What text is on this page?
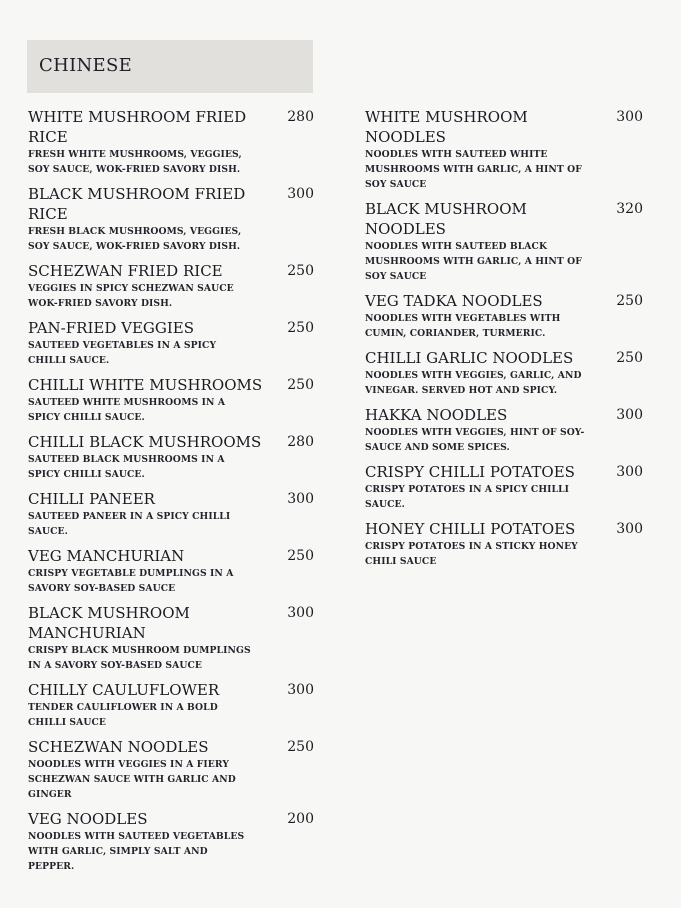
CHINESE
WHITE MUSHROOM FRIED RICE
280
FRESH WHITE MUSHROOMS, VEGGIES, SOY SAUCE, WOK-FRIED SAVORY DISH.
BLACK MUSHROOM FRIED RICE
300
FRESH BLACK MUSHROOMS, VEGGIES, SOY SAUCE, WOK-FRIED SAVORY DISH.
SCHEZWAN FRIED RICE	250
VEGGIES IN SPICY SCHEZWAN SAUCE WOK-FRIED SAVORY DISH.
PAN-FRIED VEGGIES	250
SAUTEED VEGETABLES IN A SPICY CHILLI SAUCE.
CHILLI WHITE MUSHROOMS	250
SAUTEED WHITE MUSHROOMS IN A SPICY CHILLI SAUCE.
CHILLI BLACK MUSHROOMS	280
SAUTEED BLACK MUSHROOMS IN A SPICY CHILLI SAUCE.
CHILLI PANEER	300
SAUTEED PANEER IN A SPICY CHILLI SAUCE.
VEG MANCHURIAN	250
CRISPY VEGETABLE DUMPLINGS IN A SAVORY SOY-BASED SAUCE
BLACK MUSHROOM MANCHURIAN
300
CRISPY BLACK MUSHROOM DUMPLINGS IN A SAVORY SOY-BASED SAUCE
CHILLY CAULUFLOWER	300
TENDER CAULIFLOWER IN A BOLD CHILLI SAUCE
SCHEZWAN NOODLES	250
NOODLES WITH VEGGIES IN A FIERY SCHEZWAN SAUCE WITH GARLIC AND GINGER
VEG NOODLES	200
NOODLES WITH SAUTEED VEGETABLES WITH GARLIC, SIMPLY SALT AND PEPPER.
WHITE MUSHROOM NOODLES
300
NOODLES WITH SAUTEED WHITE MUSHROOMS WITH GARLIC, A HINT OF SOY SAUCE
BLACK MUSHROOM NOODLES
320
NOODLES WITH SAUTEED BLACK MUSHROOMS WITH GARLIC, A HINT OF SOY SAUCE
VEG TADKA NOODLES	250
NOODLES WITH VEGETABLES WITH CUMIN, CORIANDER, TURMERIC.
CHILLI GARLIC NOODLES	250
NOODLES WITH VEGGIES, GARLIC, AND VINEGAR. SERVED HOT AND SPICY.
HAKKA NOODLES	300
NOODLES WITH VEGGIES, HINT OF SOY-SAUCE AND SOME SPICES.
CRISPY CHILLI POTATOES	300
CRISPY POTATOES IN A SPICY CHILLI SAUCE.
HONEY CHILLI POTATOES	300
CRISPY POTATOES IN A STICKY HONEY CHILI SAUCE
